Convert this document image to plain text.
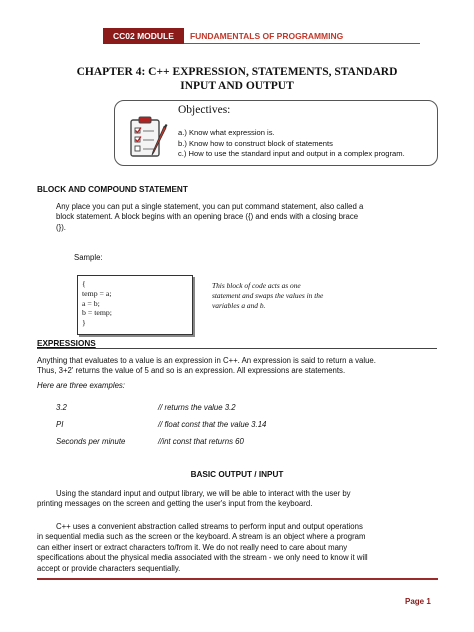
CC02 MODULE	FUNDAMENTALS OF PROGRAMMING
CHAPTER 4: C++ EXPRESSION, STATEMENTS, STANDARD
INPUT AND OUTPUT
Objectives:
a.) Know what expression is.
b.) Know how to construct block of statements
c.) How to use the standard input and output in a complex program.
BLOCK AND COMPOUND STATEMENT
Any place you can put a single statement, you can put command statement, also called a
block statement. A block begins with an opening brace ({) and ends with a closing brace
(}).
Sample:
{
temp = a;
a = b;
b = temp;
}
This block of code acts as one
statement and swaps the values in the
variables a and b.
EXPRESSIONS
Anything that evaluates to a value is an expression in C++. An expression is said to return a value.
Thus, 3+2' returns the value of 5 and so is an expression. All expressions are statements.
Here are three examples:
3.2	// returns the value 3.2
PI	// float const that the value 3.14
Seconds per minute	//int const that returns 60
BASIC OUTPUT / INPUT
Using the standard input and output library, we will be able to interact with the user by
printing messages on the screen and getting the user's input from the keyboard.
C++ uses a convenient abstraction called streams to perform input and output operations
in sequential media such as the screen or the keyboard. A stream is an object where a program
can either insert or extract characters to/from it. We do not really need to care about many
specifications about the physical media associated with the stream - we only need to know it will
accept or provide characters sequentially.
Page 1
